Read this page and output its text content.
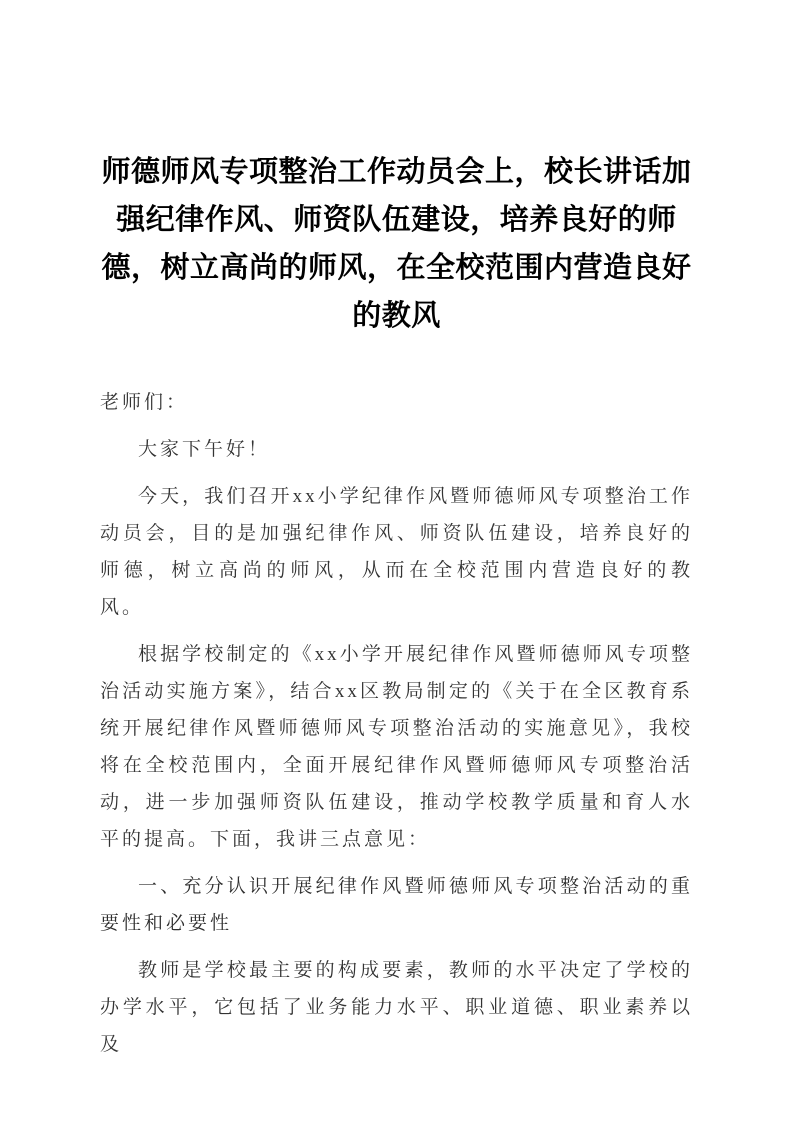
师德师风专项整治工作动员会上，校长讲话加强纪律作风、师资队伍建设，培养良好的师德，树立高尚的师风，在全校范围内营造良好的教风

老师们：

大家下午好！

今天，我们召开xx小学纪律作风暨师德师风专项整治工作动员会，目的是加强纪律作风、师资队伍建设，培养良好的师德，树立高尚的师风，从而在全校范围内营造良好的教风。

根据学校制定的《xx小学开展纪律作风暨师德师风专项整治活动实施方案》，结合xx区教局制定的《关于在全区教育系统开展纪律作风暨师德师风专项整治活动的实施意见》，我校将在全校范围内，全面开展纪律作风暨师德师风专项整治活动，进一步加强师资队伍建设，推动学校教学质量和育人水平的提高。下面，我讲三点意见：

一、充分认识开展纪律作风暨师德师风专项整治活动的重要性和必要性

教师是学校最主要的构成要素，教师的水平决定了学校的办学水平，它包括了业务能力水平、职业道德、职业素养以及
